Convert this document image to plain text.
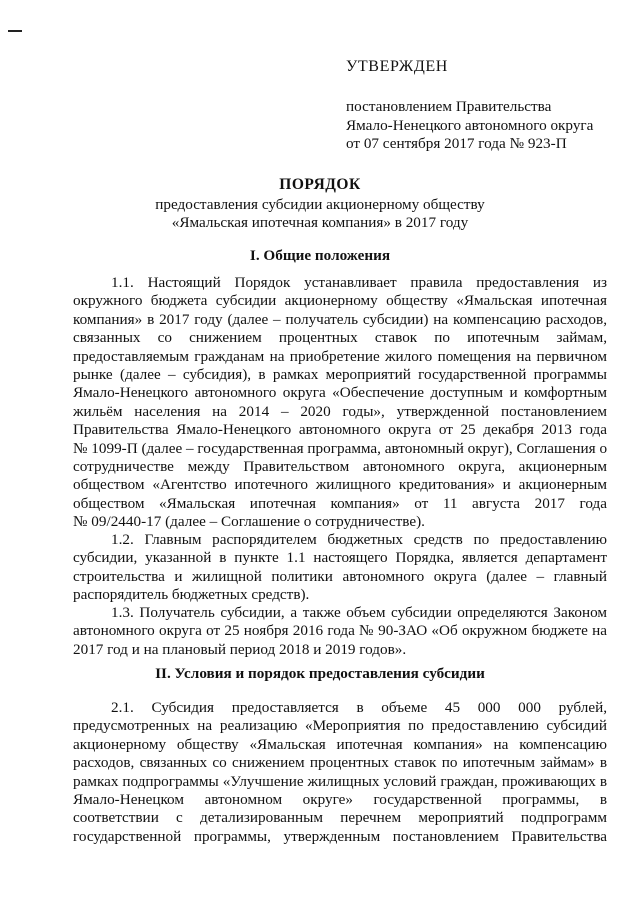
УТВЕРЖДЕН
постановлением Правительства
Ямало-Ненецкого автономного округа
от 07 сентября 2017 года № 923-П
ПОРЯДОК
предоставления субсидии акционерному обществу
«Ямальская ипотечная компания» в 2017 году
I. Общие положения
1.1. Настоящий Порядок устанавливает правила предоставления из
окружного бюджета субсидии акционерному обществу «Ямальская ипотечная
компания» в 2017 году (далее – получатель субсидии) на компенсацию расходов,
связанных со снижением процентных ставок по ипотечным займам,
предоставляемым гражданам на приобретение жилого помещения на первичном
рынке (далее – субсидия), в рамках мероприятий государственной программы
Ямало-Ненецкого автономного округа «Обеспечение доступным и комфортным
жильём населения на 2014 – 2020 годы», утвержденной постановлением
Правительства Ямало-Ненецкого автономного округа от 25 декабря 2013 года
№ 1099-П (далее – государственная программа, автономный округ), Соглашения о
сотрудничестве между Правительством автономного округа, акционерным
обществом «Агентство ипотечного жилищного кредитования» и акционерным
обществом «Ямальская ипотечная компания» от 11 августа 2017 года
№ 09/2440-17 (далее – Соглашение о сотрудничестве).
1.2. Главным распорядителем бюджетных средств по предоставлению
субсидии, указанной в пункте 1.1 настоящего Порядка, является департамент
строительства и жилищной политики автономного округа (далее – главный
распорядитель бюджетных средств).
1.3. Получатель субсидии, а также объем субсидии определяются Законом
автономного округа от 25 ноября 2016 года № 90-ЗАО «Об окружном бюджете на
2017 год и на плановый период 2018 и 2019 годов».
II. Условия и порядок предоставления субсидии
2.1. Субсидия предоставляется в объеме 45 000 000 рублей,
предусмотренных на реализацию «Мероприятия по предоставлению субсидий
акционерному обществу «Ямальская ипотечная компания» на компенсацию
расходов, связанных со снижением процентных ставок по ипотечным займам» в
рамках подпрограммы «Улучшение жилищных условий граждан, проживающих в
Ямало-Ненецком автономном округе» государственной программы, в
соответствии с детализированным перечнем мероприятий подпрограмм
государственной программы, утвержденным постановлением Правительства
